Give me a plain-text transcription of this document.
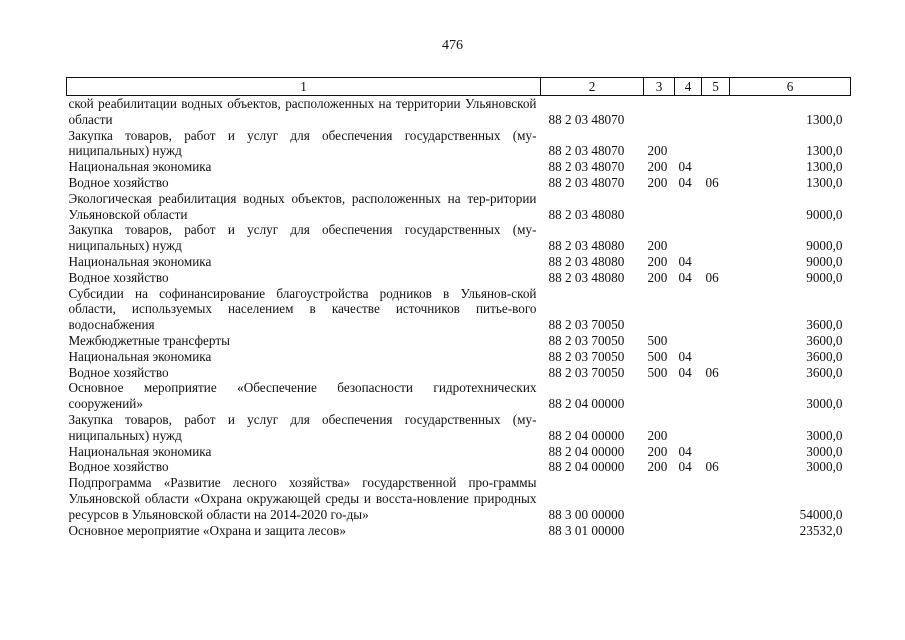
476
1	2	3	4	5	6
ской реабилитации водных объектов, расположенных на территории Ульяновской области	88 2 03 48070				1300,0
Закупка товаров, работ и услуг для обеспечения государственных (му-ниципальных) нужд	88 2 03 48070	200			1300,0
Национальная экономика	88 2 03 48070	200	04		1300,0
Водное хозяйство	88 2 03 48070	200	04	06	1300,0
Экологическая реабилитация водных объектов, расположенных на тер-ритории Ульяновской области	88 2 03 48080				9000,0
Закупка товаров, работ и услуг для обеспечения государственных (му-ниципальных) нужд	88 2 03 48080	200			9000,0
Национальная экономика	88 2 03 48080	200	04		9000,0
Водное хозяйство	88 2 03 48080	200	04	06	9000,0
Субсидии на софинансирование благоустройства родников в Ульянов-ской области, используемых населением в качестве источников питье-вого водоснабжения	88 2 03 70050				3600,0
Межбюджетные трансферты	88 2 03 70050	500			3600,0
Национальная экономика	88 2 03 70050	500	04		3600,0
Водное хозяйство	88 2 03 70050	500	04	06	3600,0
Основное мероприятие «Обеспечение безопасности гидротехнических сооружений»	88 2 04 00000				3000,0
Закупка товаров, работ и услуг для обеспечения государственных (му-ниципальных) нужд	88 2 04 00000	200			3000,0
Национальная экономика	88 2 04 00000	200	04		3000,0
Водное хозяйство	88 2 04 00000	200	04	06	3000,0
Подпрограмма «Развитие лесного хозяйства» государственной про-граммы Ульяновской области «Охрана окружающей среды и восста-новление природных ресурсов в Ульяновской области на 2014-2020 го-ды»	88 3 00 00000				54000,0
Основное мероприятие «Охрана и защита лесов»	88 3 01 00000				23532,0
